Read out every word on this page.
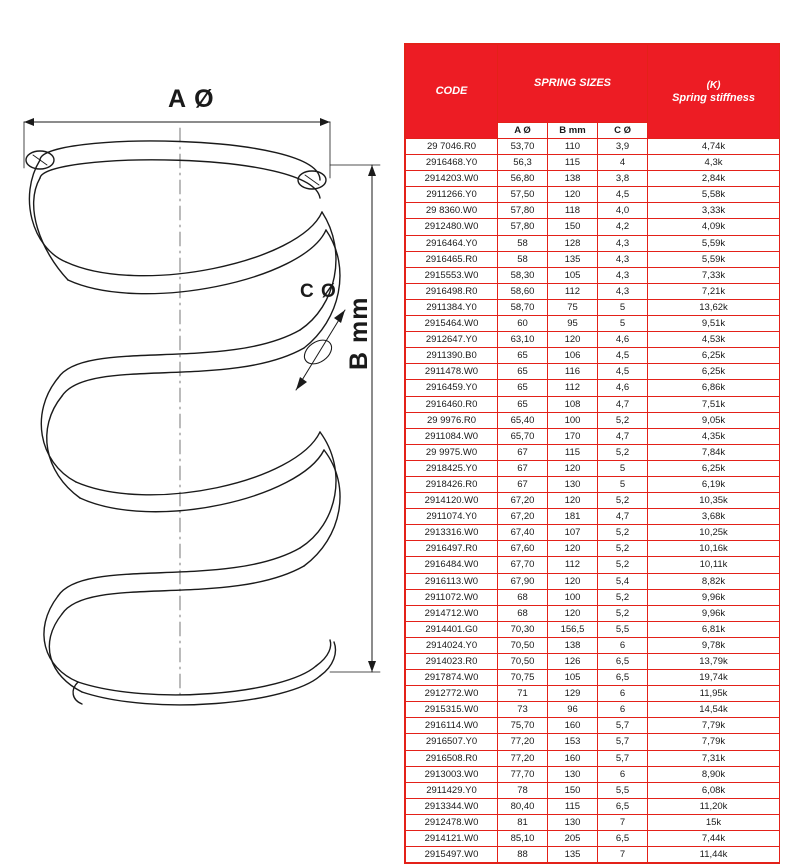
A Ø
C Ø
B mm
CODE	SPRING SIZES			(K)
Spring stiffness
	A Ø	B mm	C Ø	
29 7046.R0	53,70	110	3,9	4,74k
2916468.Y0	56,3	115	4	4,3k
2914203.W0	56,80	138	3,8	2,84k
2911266.Y0	57,50	120	4,5	5,58k
29 8360.W0	57,80	118	4,0	3,33k
2912480.W0	57,80	150	4,2	4,09k
2916464.Y0	58	128	4,3	5,59k
2916465.R0	58	135	4,3	5,59k
2915553.W0	58,30	105	4,3	7,33k
2916498.R0	58,60	112	4,3	7,21k
2911384.Y0	58,70	75	5	13,62k
2915464.W0	60	95	5	9,51k
2912647.Y0	63,10	120	4,6	4,53k
2911390.B0	65	106	4,5	6,25k
2911478.W0	65	116	4,5	6,25k
2916459.Y0	65	112	4,6	6,86k
2916460.R0	65	108	4,7	7,51k
29 9976.R0	65,40	100	5,2	9,05k
2911084.W0	65,70	170	4,7	4,35k
29 9975.W0	67	115	5,2	7,84k
2918425.Y0	67	120	5	6,25k
2918426.R0	67	130	5	6,19k
2914120.W0	67,20	120	5,2	10,35k
2911074.Y0	67,20	181	4,7	3,68k
2913316.W0	67,40	107	5,2	10,25k
2916497.R0	67,60	120	5,2	10,16k
2916484.W0	67,70	112	5,2	10,11k
2916113.W0	67,90	120	5,4	8,82k
2911072.W0	68	100	5,2	9,96k
2914712.W0	68	120	5,2	9,96k
2914401.G0	70,30	156,5	5,5	6,81k
2914024.Y0	70,50	138	6	9,78k
2914023.R0	70,50	126	6,5	13,79k
2917874.W0	70,75	105	6,5	19,74k
2912772.W0	71	129	6	11,95k
2915315.W0	73	96	6	14,54k
2916114.W0	75,70	160	5,7	7,79k
2916507.Y0	77,20	153	5,7	7,79k
2916508.R0	77,20	160	5,7	7,31k
2913003.W0	77,70	130	6	8,90k
2911429.Y0	78	150	5,5	6,08k
2913344.W0	80,40	115	6,5	11,20k
2912478.W0	81	130	7	15k
2914121.W0	85,10	205	6,5	7,44k
2915497.W0	88	135	7	11,44k
